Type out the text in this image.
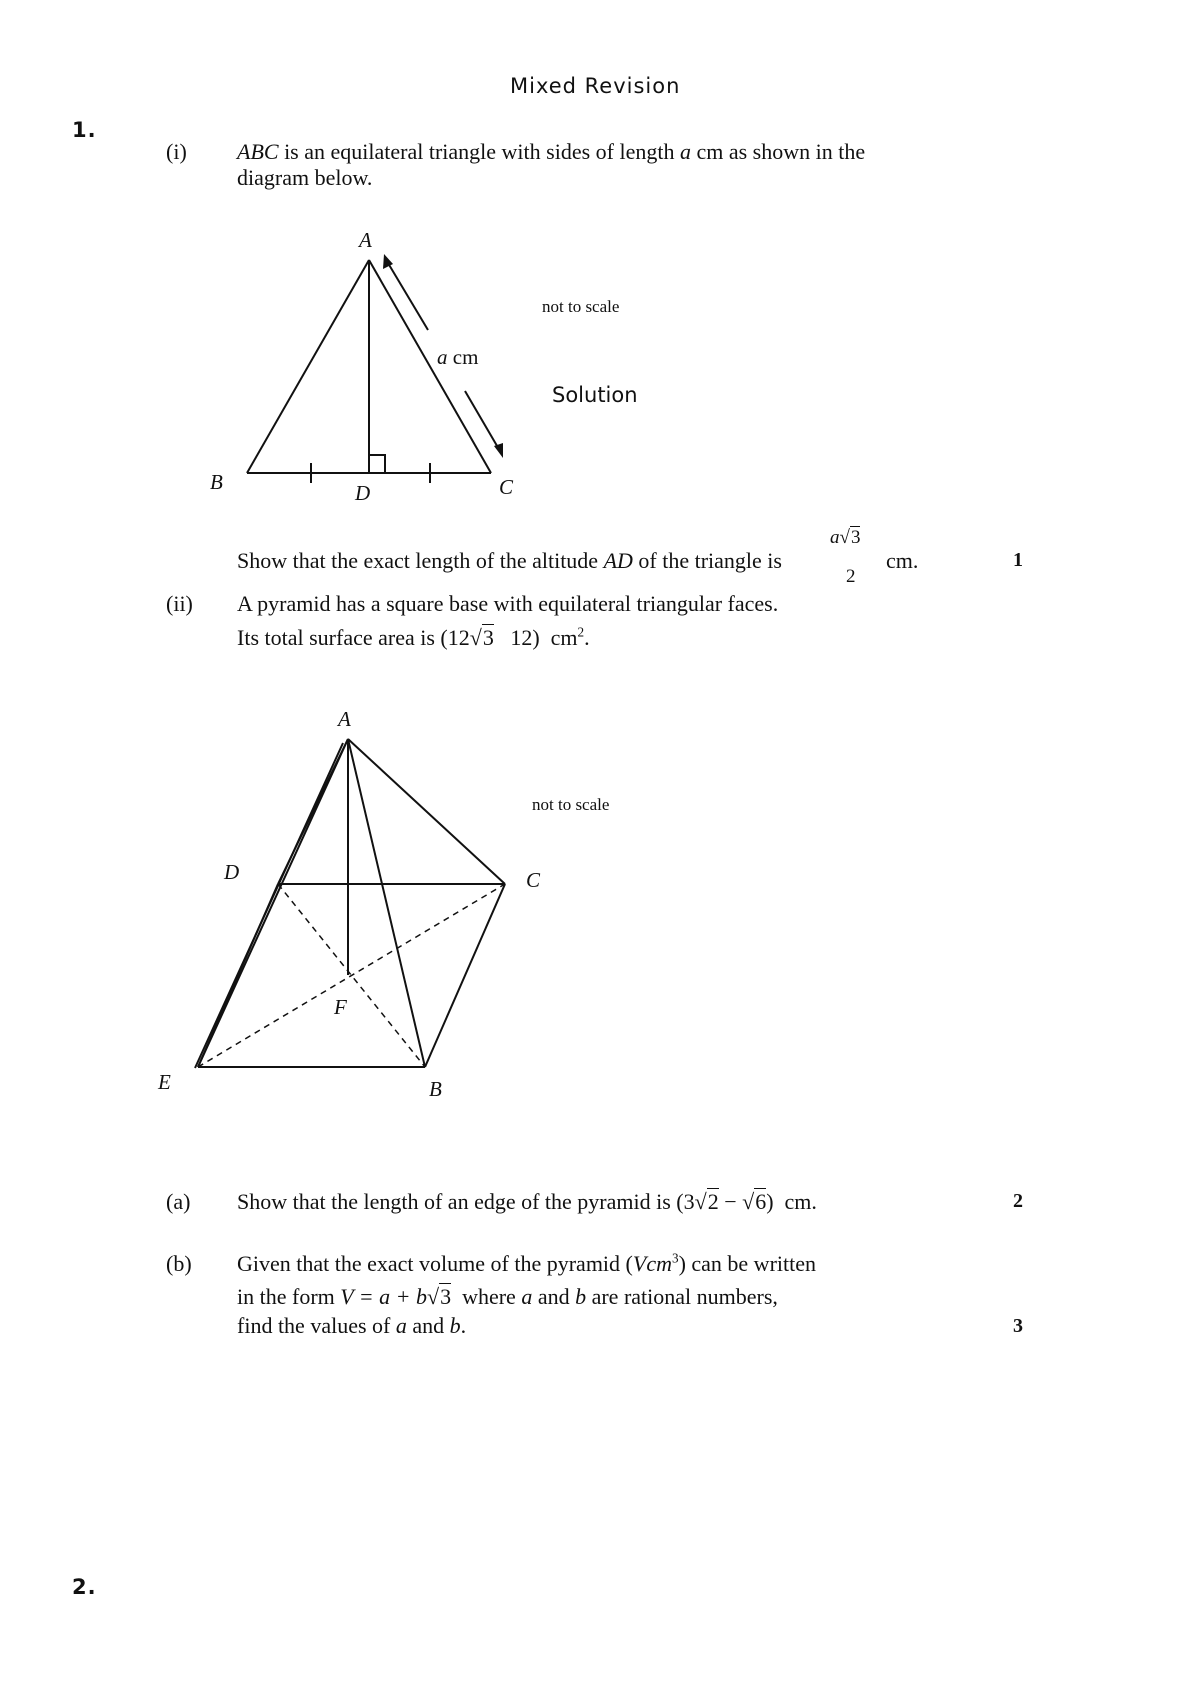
Mixed Revision
1.
(i) ABC is an equilateral triangle with sides of length a cm as shown in the
diagram below.
A
B	C
D
a cm
not to scale
Solution
Show that the exact length of the altitude AD of the triangle is
a√3
2
cm.	1
(ii) A pyramid has a square base with equilateral triangular faces.
Its total surface area is (12√3   12)  $cm^2$.
A
B
C
D
E
F
not to scale
(a) Show that the length of an edge of the pyramid is (3√2 − √6)  cm.	2
(b) Given that the exact volume of the pyramid (Vcm$^3$) can be written
in the form V = a + b√3  where a and b are rational numbers,
find the values of a and b.	3
2.
